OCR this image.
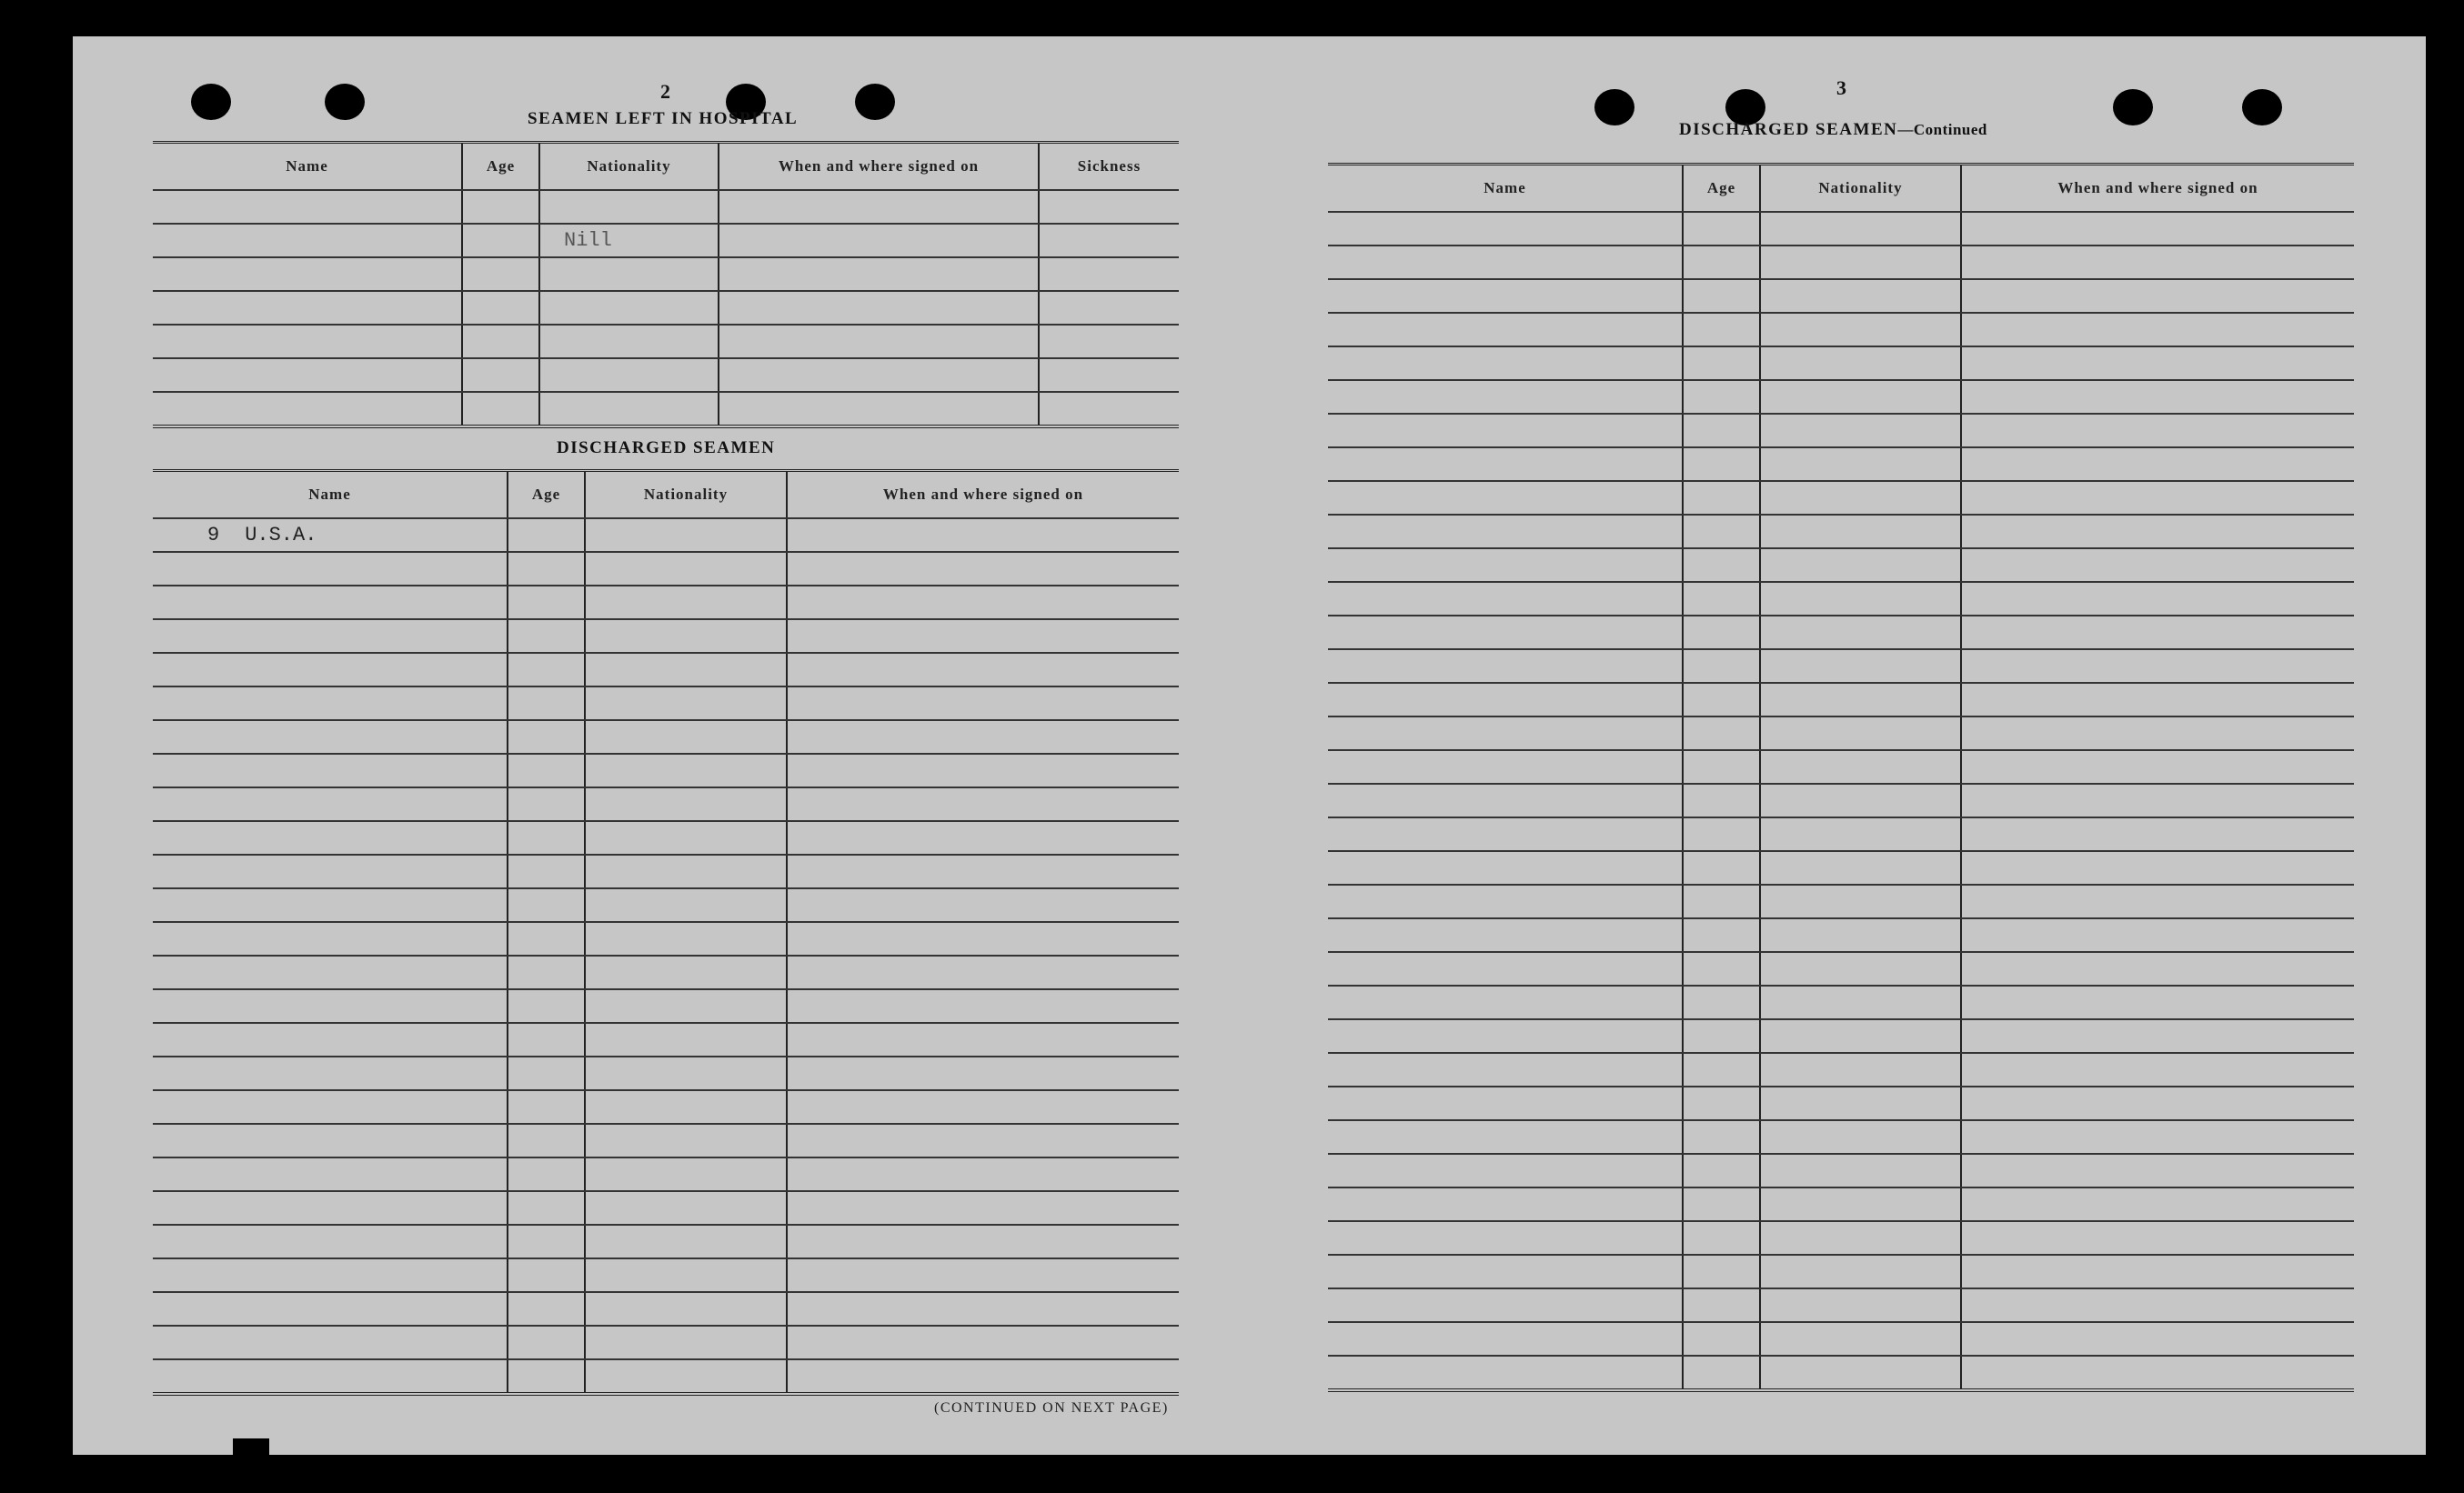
2
SEAMEN LEFT IN HOSPITAL
Name	Age	Nationality	When and where signed on	Sickness

		Nill		

DISCHARGED SEAMEN
Name	Age	Nationality	When and where signed on
9 U.S.A.			

(CONTINUED ON NEXT PAGE)
3
DISCHARGED SEAMEN—Continued
Name	Age	Nationality	When and where signed on
